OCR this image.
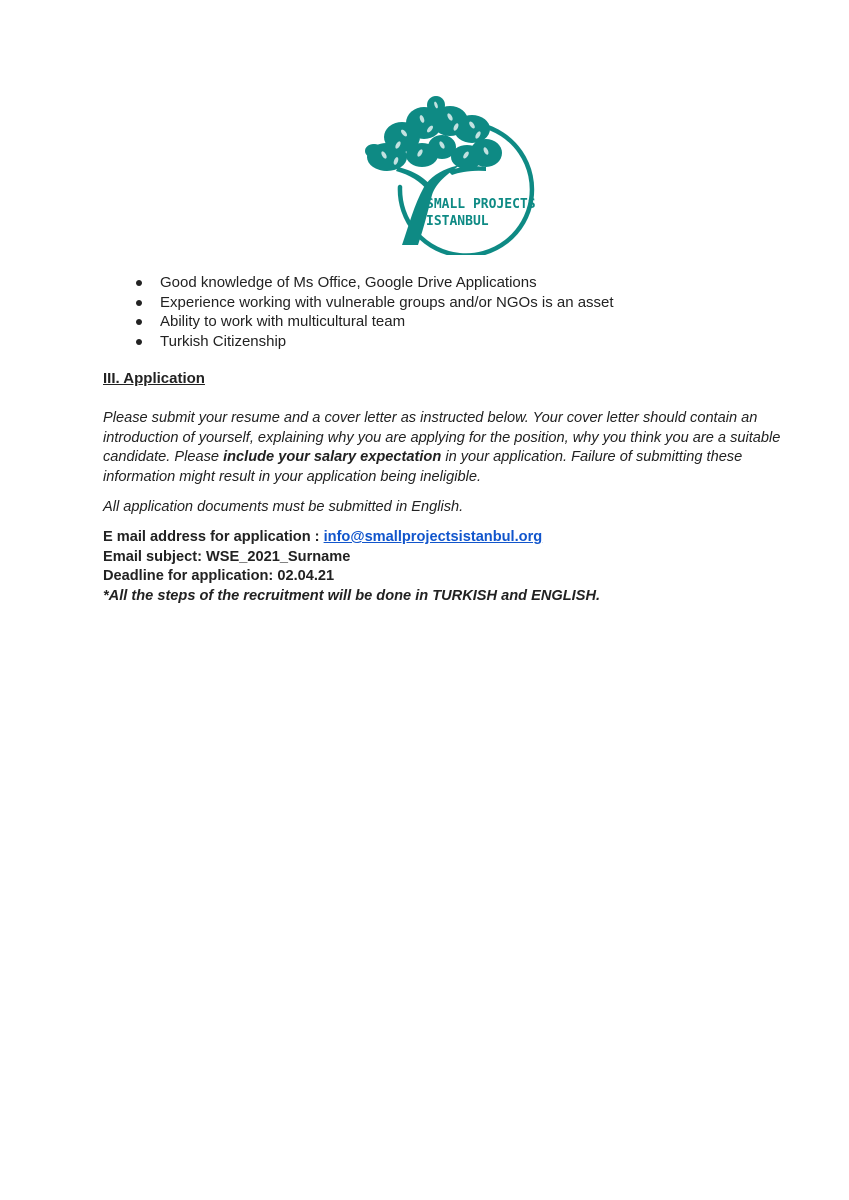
SMALL PROJECTS
ISTANBUL
Good knowledge of Ms Office, Google Drive Applications
Experience working with vulnerable groups and/or NGOs is an asset
Ability to work with multicultural team
Turkish Citizenship
III. Application

Please submit your resume and a cover letter as instructed below. Your cover letter should contain an introduction of yourself, explaining why you are applying for the position, why you think you are a suitable candidate. Please include your salary expectation in your application. Failure of submitting these information might result in your application being ineligible.

All application documents must be submitted in English.

E mail address for application : info@smallprojectsistanbul.org
Email subject: WSE_2021_Surname
Deadline for application: 02.04.21
*All the steps of the recruitment will be done in TURKISH and ENGLISH.
